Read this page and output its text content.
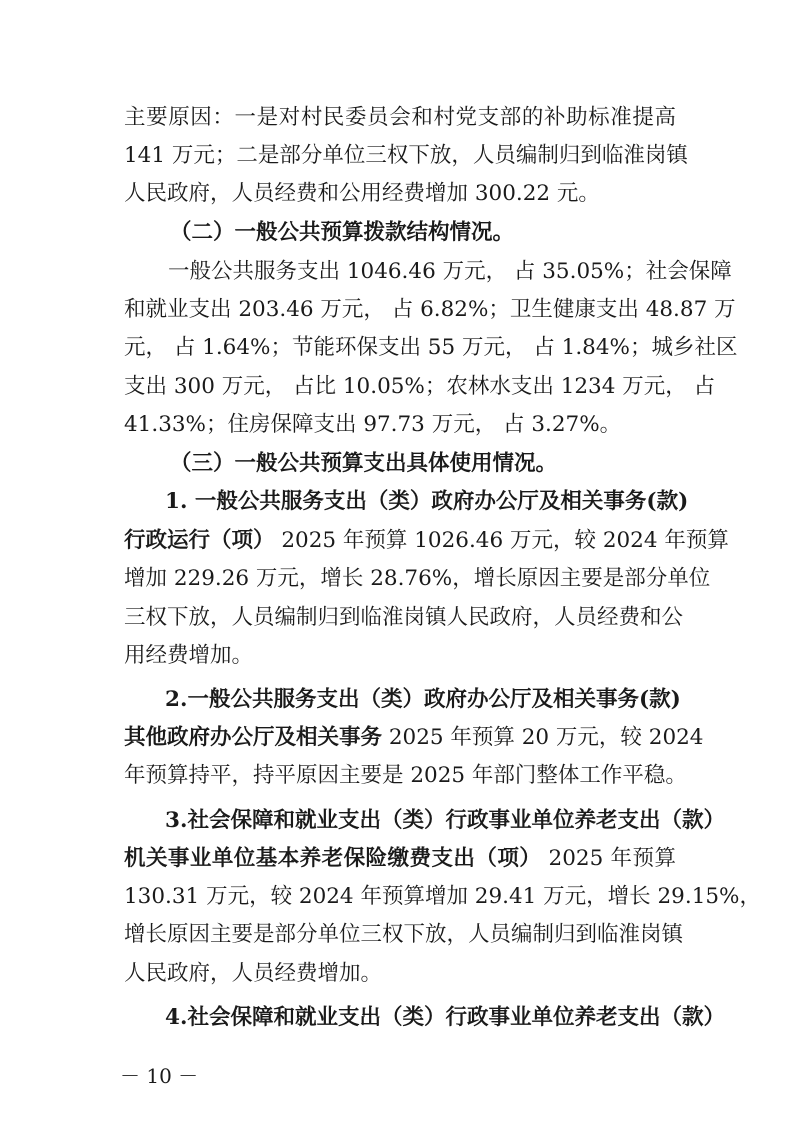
主要原因：一是对村民委员会和村党支部的补助标准提高
141 万元；二是部分单位三权下放，人员编制归到临淮岗镇
人民政府，人员经费和公用经费增加 300.22 元。
（二）一般公共预算拨款结构情况。
一般公共服务支出 1046.46 万元， 占 35.05%；社会保障
和就业支出 203.46 万元， 占 6.82%；卫生健康支出 48.87 万
元， 占 1.64%；节能环保支出 55 万元， 占 1.84%；城乡社区
支出 300 万元， 占比 10.05%；农林水支出 1234 万元， 占
41.33%；住房保障支出 97.73 万元， 占 3.27%。
（三）一般公共预算支出具体使用情况。
1. 一般公共服务支出（类）政府办公厅及相关事务(款)
行政运行（项） 2025 年预算 1026.46 万元，较 2024 年预算
增加 229.26 万元，增长 28.76%，增长原因主要是部分单位
三权下放，人员编制归到临淮岗镇人民政府，人员经费和公
用经费增加。
2.一般公共服务支出（类）政府办公厅及相关事务(款)
其他政府办公厅及相关事务 2025 年预算 20 万元，较 2024
年预算持平，持平原因主要是 2025 年部门整体工作平稳。
3.社会保障和就业支出（类）行政事业单位养老支出（款）
机关事业单位基本养老保险缴费支出（项） 2025 年预算
130.31 万元，较 2024 年预算增加 29.41 万元，增长 29.15%，
增长原因主要是部分单位三权下放，人员编制归到临淮岗镇
人民政府，人员经费增加。
4.社会保障和就业支出（类）行政事业单位养老支出（款）
－ 10 －
